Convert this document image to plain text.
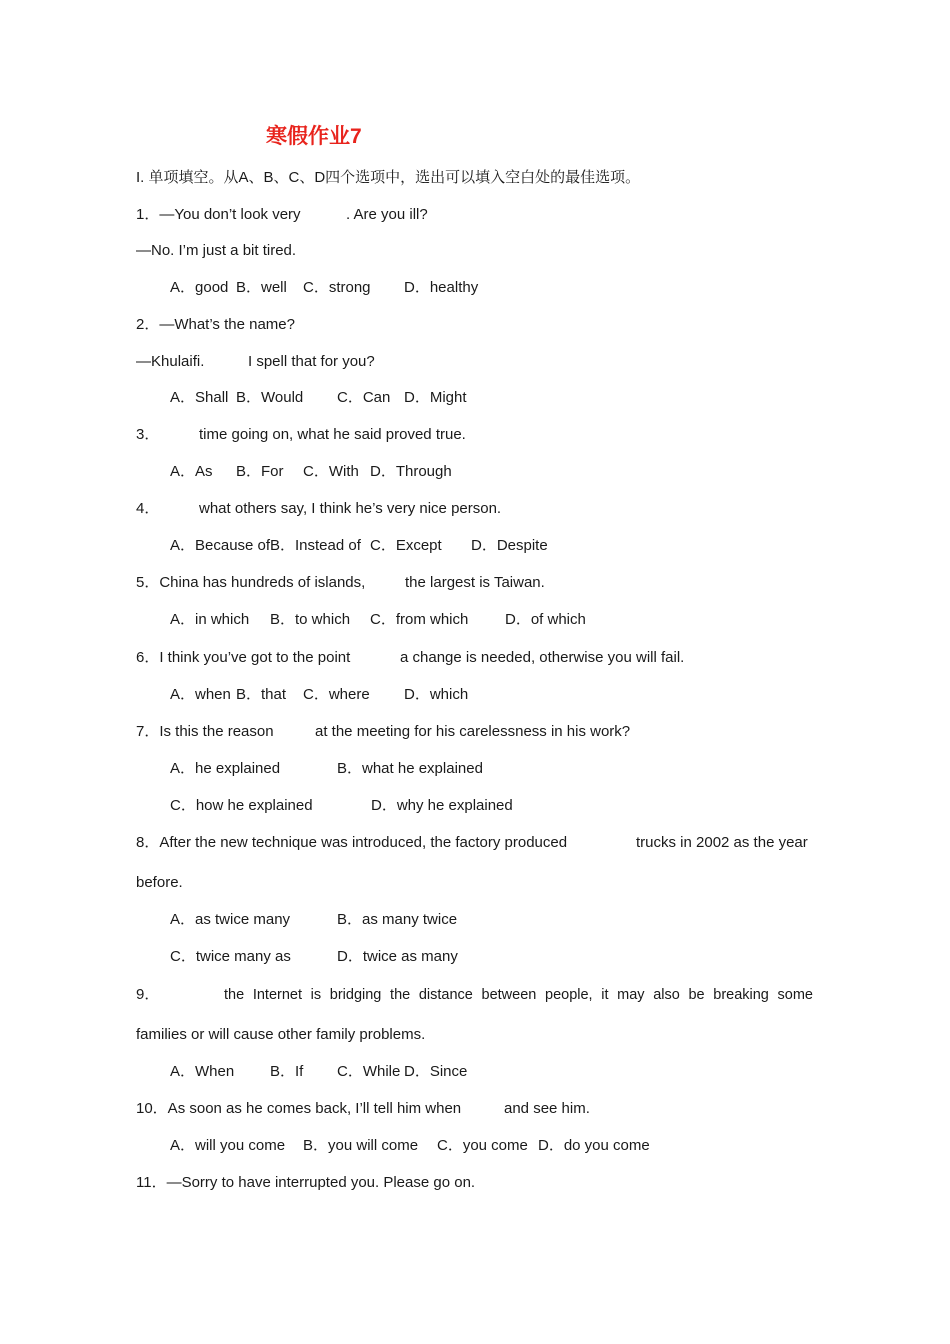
寒假作业7
I. 单项填空。从A、B、C、D四个选项中，选出可以填入空白处的最佳选项。
1．—You don’t look very	. Are you ill?
—No. I’m just a bit tired.
A．good B．well C．strong D．healthy
2．—What’s the name?
—Khulaifi.	I spell that for you?
A．Shall B．Would C．Can D．Might
3．	time going on, what he said proved true.
A．As B．For C．With D．Through
4．	what others say, I think he’s very nice person.
A．Because of B．Instead of C．Except D．Despite
5．China has hundreds of islands,	the largest is Taiwan.
A．in which B．to which C．from which D．of which
6．I think you’ve got to the point	a change is needed, otherwise you will fail.
A．when B．that C．where D．which
7．Is this the reason	at the meeting for his carelessness in his work?
A．he explained	B．what he explained
C．how he explained	D．why he explained
8．After the new technique was introduced, the factory produced	trucks in 2002 as the year
before.
A．as twice many	B．as many twice
C．twice many as	D．twice as many
9．	the Internet is bridging the distance between people, it may also be breaking some
families or will cause other family problems.
A．When B．If C．While D．Since
10．As soon as he comes back, I’ll tell him when	and see him.
A．will you come B．you will come C．you come D．do you come
11．—Sorry to have interrupted you. Please go on.
